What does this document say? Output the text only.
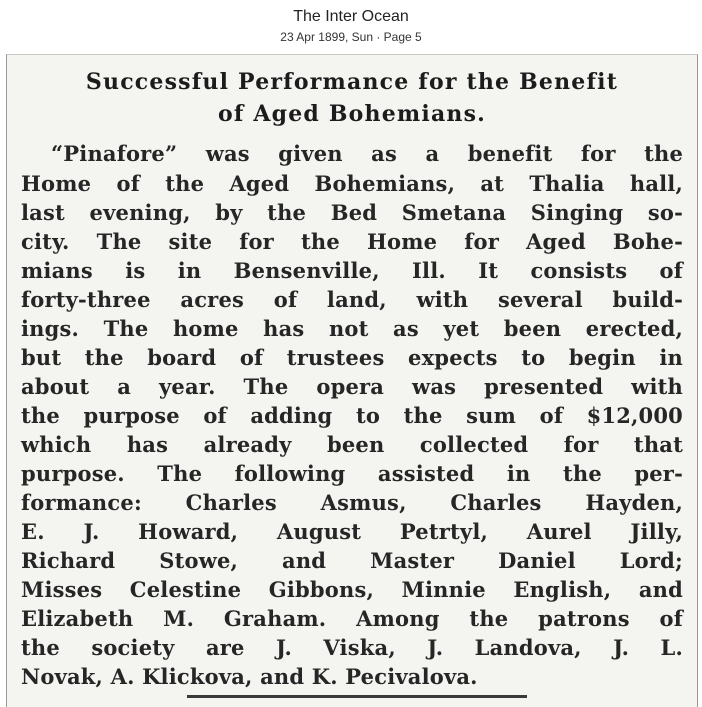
The Inter Ocean
23 Apr 1899, Sun · Page 5
Successful Performance for the Benefit
of Aged Bohemians.
“Pinafore” was given as a benefit for the
Home of the Aged Bohemians, at Thalia hall,
last evening, by the Bed Smetana Singing so-
city. The site for the Home for Aged Bohe-
mians is in Bensenville, Ill. It consists of
forty-three acres of land, with several build-
ings. The home has not as yet been erected,
but the board of trustees expects to begin in
about a year. The opera was presented with
the purpose of adding to the sum of $12,000
which has already been collected for that
purpose. The following assisted in the per-
formance: Charles Asmus, Charles Hayden,
E. J. Howard, August Petrtyl, Aurel Jilly,
Richard Stowe, and Master Daniel Lord;
Misses Celestine Gibbons, Minnie English, and
Elizabeth M. Graham. Among the patrons of
the society are J. Viska, J. Landova, J. L.
Novak, A. Klickova, and K. Pecivalova.
